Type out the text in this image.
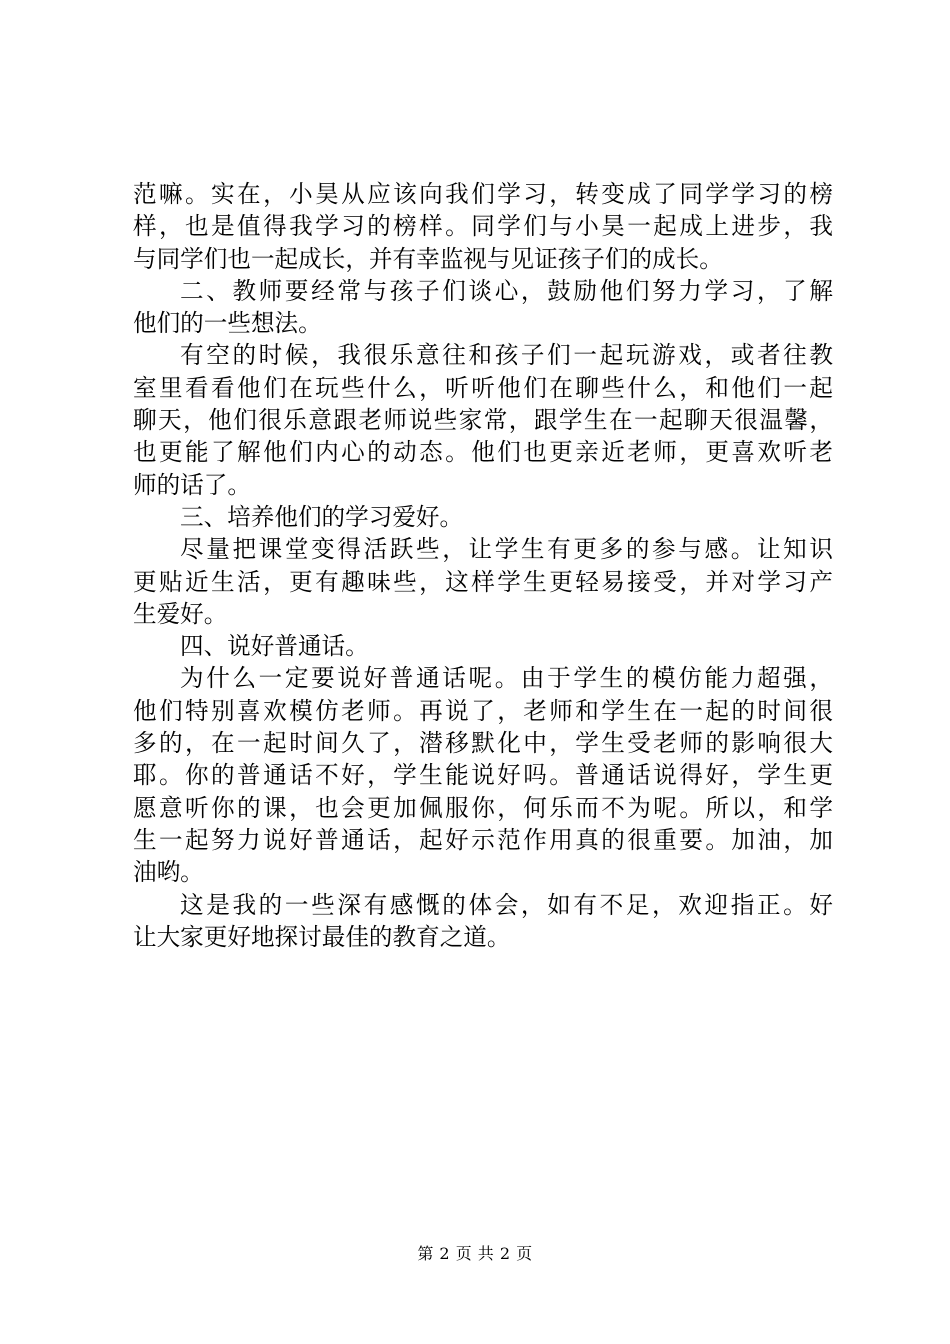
范嘛。实在，小昊从应该向我们学习，转变成了同学学习的榜
样，也是值得我学习的榜样。同学们与小昊一起成上进步，我
与同学们也一起成长，并有幸监视与见证孩子们的成长。
二、教师要经常与孩子们谈心，鼓励他们努力学习，了解
他们的一些想法。
有空的时候，我很乐意往和孩子们一起玩游戏，或者往教
室里看看他们在玩些什么，听听他们在聊些什么，和他们一起
聊天，他们很乐意跟老师说些家常，跟学生在一起聊天很温馨，
也更能了解他们内心的动态。他们也更亲近老师，更喜欢听老
师的话了。
三、培养他们的学习爱好。
尽量把课堂变得活跃些，让学生有更多的参与感。让知识
更贴近生活，更有趣味些，这样学生更轻易接受，并对学习产
生爱好。
四、说好普通话。
为什么一定要说好普通话呢。由于学生的模仿能力超强，
他们特别喜欢模仿老师。再说了，老师和学生在一起的时间很
多的，在一起时间久了，潜移默化中，学生受老师的影响很大
耶。你的普通话不好，学生能说好吗。普通话说得好，学生更
愿意听你的课，也会更加佩服你，何乐而不为呢。所以，和学
生一起努力说好普通话，起好示范作用真的很重要。加油，加
油哟。
这是我的一些深有感慨的体会，如有不足，欢迎指正。好
让大家更好地探讨最佳的教育之道。
第 2 页 共 2 页
